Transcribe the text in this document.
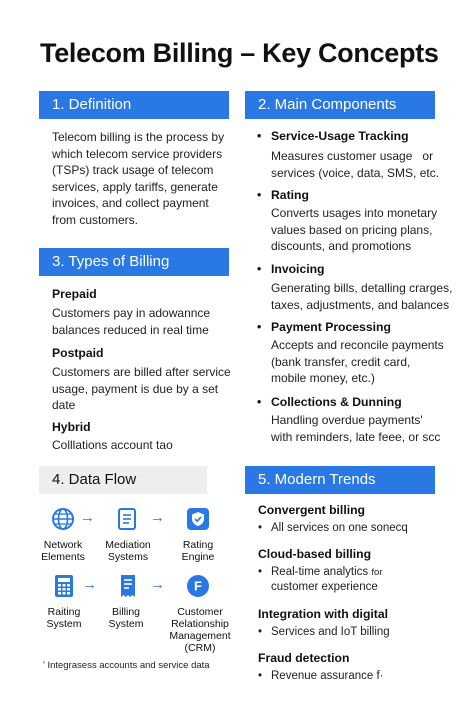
Telecom Billing – Key Concepts
1. Definition
Telecom billing is the process by
which telecom service providers
(TSPs) track usage of telecom
services, apply tariffs, generate
invoices, and collect payment
from customers.
2. Main Components
• Service-Usage Tracking
Measures customer usage   or
services (voice, data, SMS, etc.
• Rating
Converts usages into monetary
values based on pricing plans,
discounts, and promotions
• Invoicing
Generating bills, detalling crarges,
taxes, adjustments, and balances
• Payment Processing
Accepts and reconcile payments
(bank transfer, credit card,
mobile money, etc.)
• Collections & Dunning
Handling overdue payments'
with reminders, late feee, or scc
3. Types of Billing
Prepaid
Customers pay in adowannce
balances reduced in real time
Postpaid
Customers are billed after service
usage, payment is due by a set
date
Hybrid
Colllations account tao
4. Data Flow
→	→
Network
Elements
Mediation
Systems
Rating
Engine
→	→ F
Raiting
System
Billing
System
Customer
Relationship
Management
(CRM)
' Integrasess accounts and service data
5. Modern Trends
Convergent billing
• All services on one sonecq
Cloud-based billing
• Real-time analytics for
customer experience
Integration with digital
• Services and IoT billing
Fraud detection
• Revenue assurance f·
